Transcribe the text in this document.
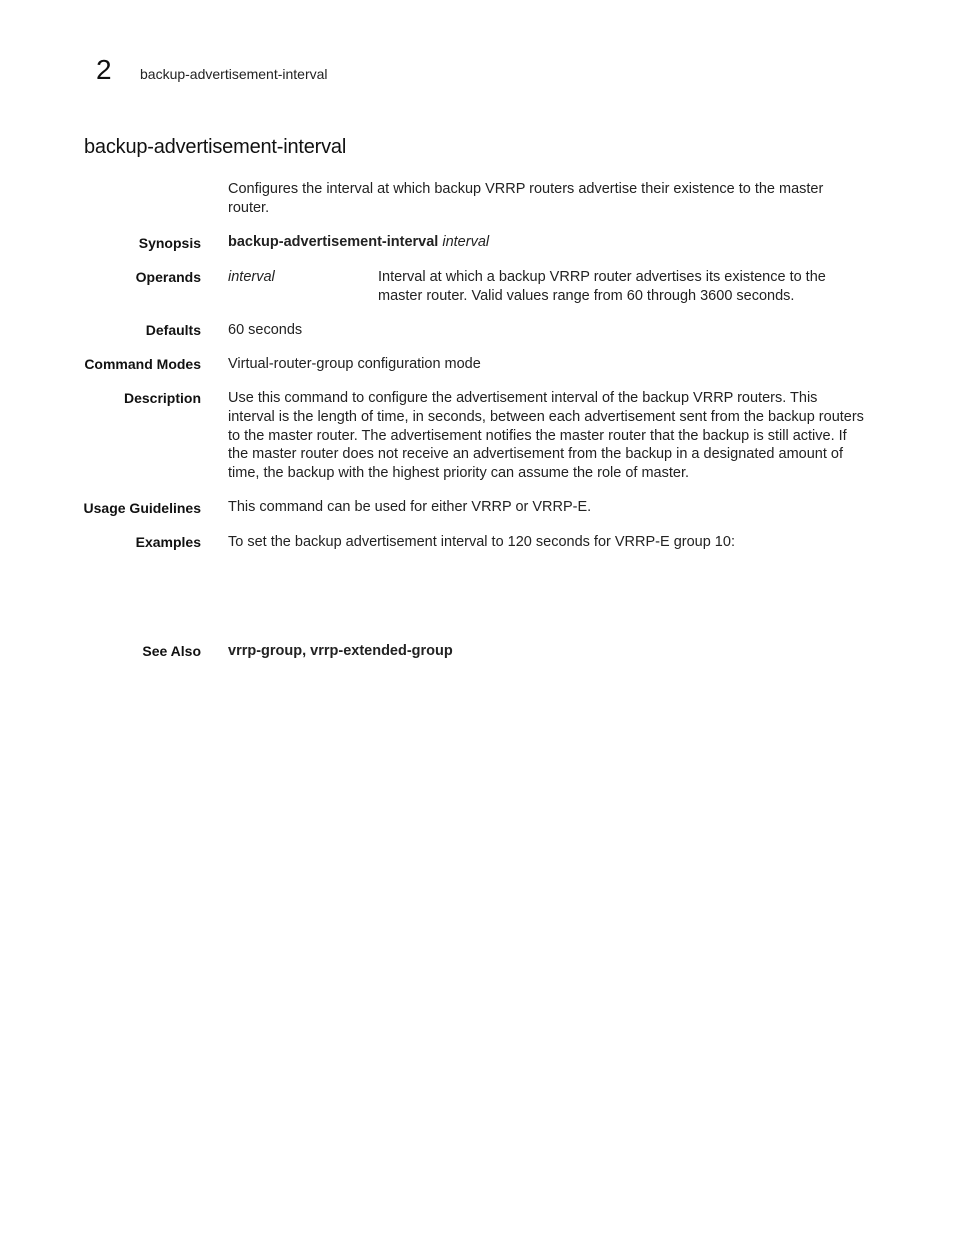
2 backup-advertisement-interval
backup-advertisement-interval
Configures the interval at which backup VRRP routers advertise their existence to the master router.
Synopsis backup-advertisement-interval interval
Operands interval	Interval at which a backup VRRP router advertises its existence to the master router. Valid values range from 60 through 3600 seconds.
Defaults 60 seconds
Command Modes Virtual-router-group configuration mode
Description Use this command to configure the advertisement interval of the backup VRRP routers. This interval is the length of time, in seconds, between each advertisement sent from the backup routers to the master router. The advertisement notifies the master router that the backup is still active. If the master router does not receive an advertisement from the backup in a designated amount of time, the backup with the highest priority can assume the role of master.
Usage Guidelines This command can be used for either VRRP or VRRP-E.
Examples To set the backup advertisement interval to 120 seconds for VRRP-E group 10:
See Also vrrp-group, vrrp-extended-group
